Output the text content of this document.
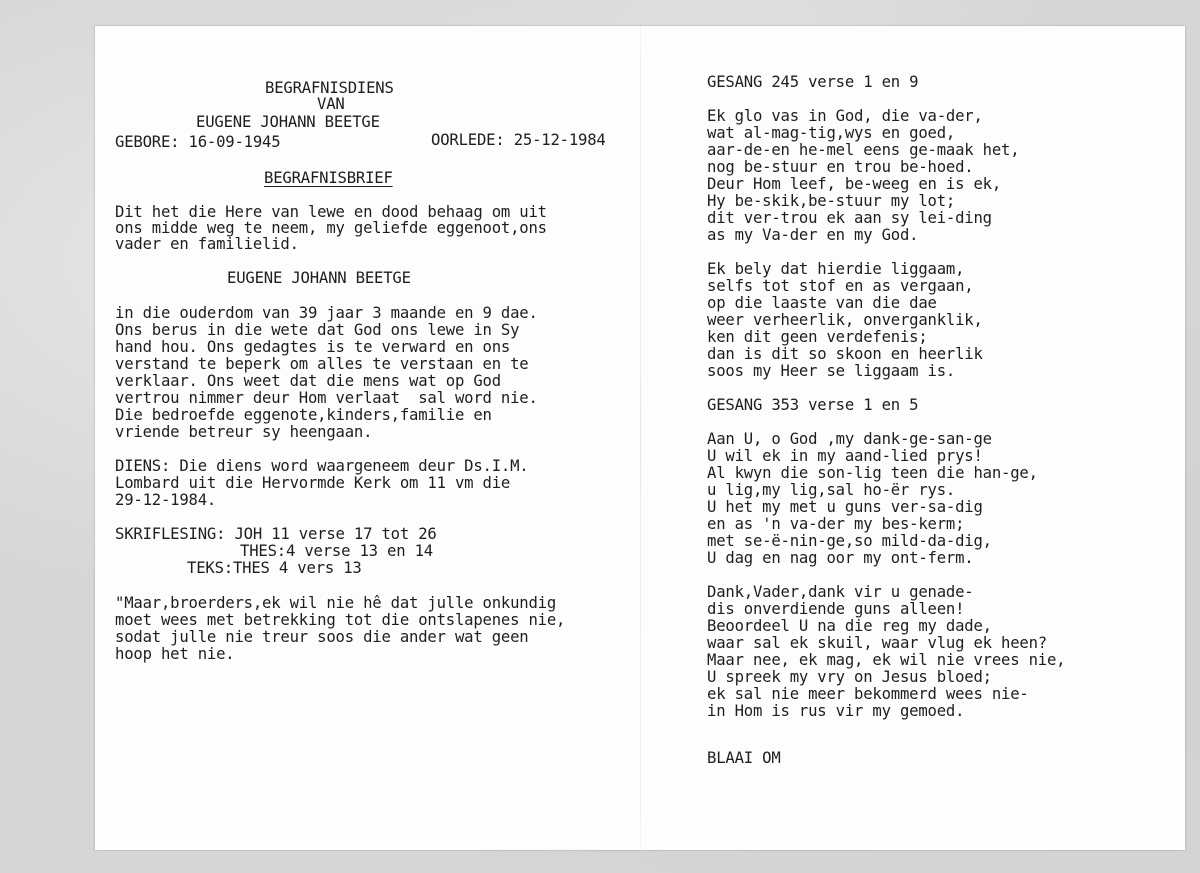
BEGRAFNISDIENS

VAN

EUGENE JOHANN BEETGE

GEBORE: 16-09-1945	OORLEDE: 25-12-1984

BEGRAFNISBRIEF

Dit het die Here van lewe en dood behaag om uit

ons midde weg te neem, my geliefde eggenoot,ons

vader en familielid.

EUGENE JOHANN BEETGE

in die ouderdom van 39 jaar 3 maande en 9 dae.

Ons berus in die wete dat God ons lewe in Sy

hand hou. Ons gedagtes is te verward en ons

verstand te beperk om alles te verstaan en te

verklaar. Ons weet dat die mens wat op God

vertrou nimmer deur Hom verlaat  sal word nie.

Die bedroefde eggenote,kinders,familie en

vriende betreur sy heengaan.

DIENS: Die diens word waargeneem deur Ds.I.M.

Lombard uit die Hervormde Kerk om 11 vm die

29-12-1984.

SKRIFLESING: JOH 11 verse 17 tot 26

THES:4 verse 13 en 14

TEKS:THES 4 vers 13

"Maar,broerders,ek wil nie hê dat julle onkundig

moet wees met betrekking tot die ontslapenes nie,

sodat julle nie treur soos die ander wat geen

hoop het nie.

GESANG 245 verse 1 en 9

Ek glo vas in God, die va-der,

wat al-mag-tig,wys en goed,

aar-de-en he-mel eens ge-maak het,

nog be-stuur en trou be-hoed.

Deur Hom leef, be-weeg en is ek,

Hy be-skik,be-stuur my lot;

dit ver-trou ek aan sy lei-ding

as my Va-der en my God.

Ek bely dat hierdie liggaam,

selfs tot stof en as vergaan,

op die laaste van die dae

weer verheerlik, onverganklik,

ken dit geen verdefenis;

dan is dit so skoon en heerlik

soos my Heer se liggaam is.

GESANG 353 verse 1 en 5

Aan U, o God ,my dank-ge-san-ge

U wil ek in my aand-lied prys!

Al kwyn die son-lig teen die han-ge,

u lig,my lig,sal ho-ër rys.

U het my met u guns ver-sa-dig

en as 'n va-der my bes-kerm;

met se-ë-nin-ge,so mild-da-dig,

U dag en nag oor my ont-ferm.

Dank,Vader,dank vir u genade-

dis onverdiende guns alleen!

Beoordeel U na die reg my dade,

waar sal ek skuil, waar vlug ek heen?

Maar nee, ek mag, ek wil nie vrees nie,

U spreek my vry on Jesus bloed;

ek sal nie meer bekommerd wees nie-

in Hom is rus vir my gemoed.

BLAAI OM
